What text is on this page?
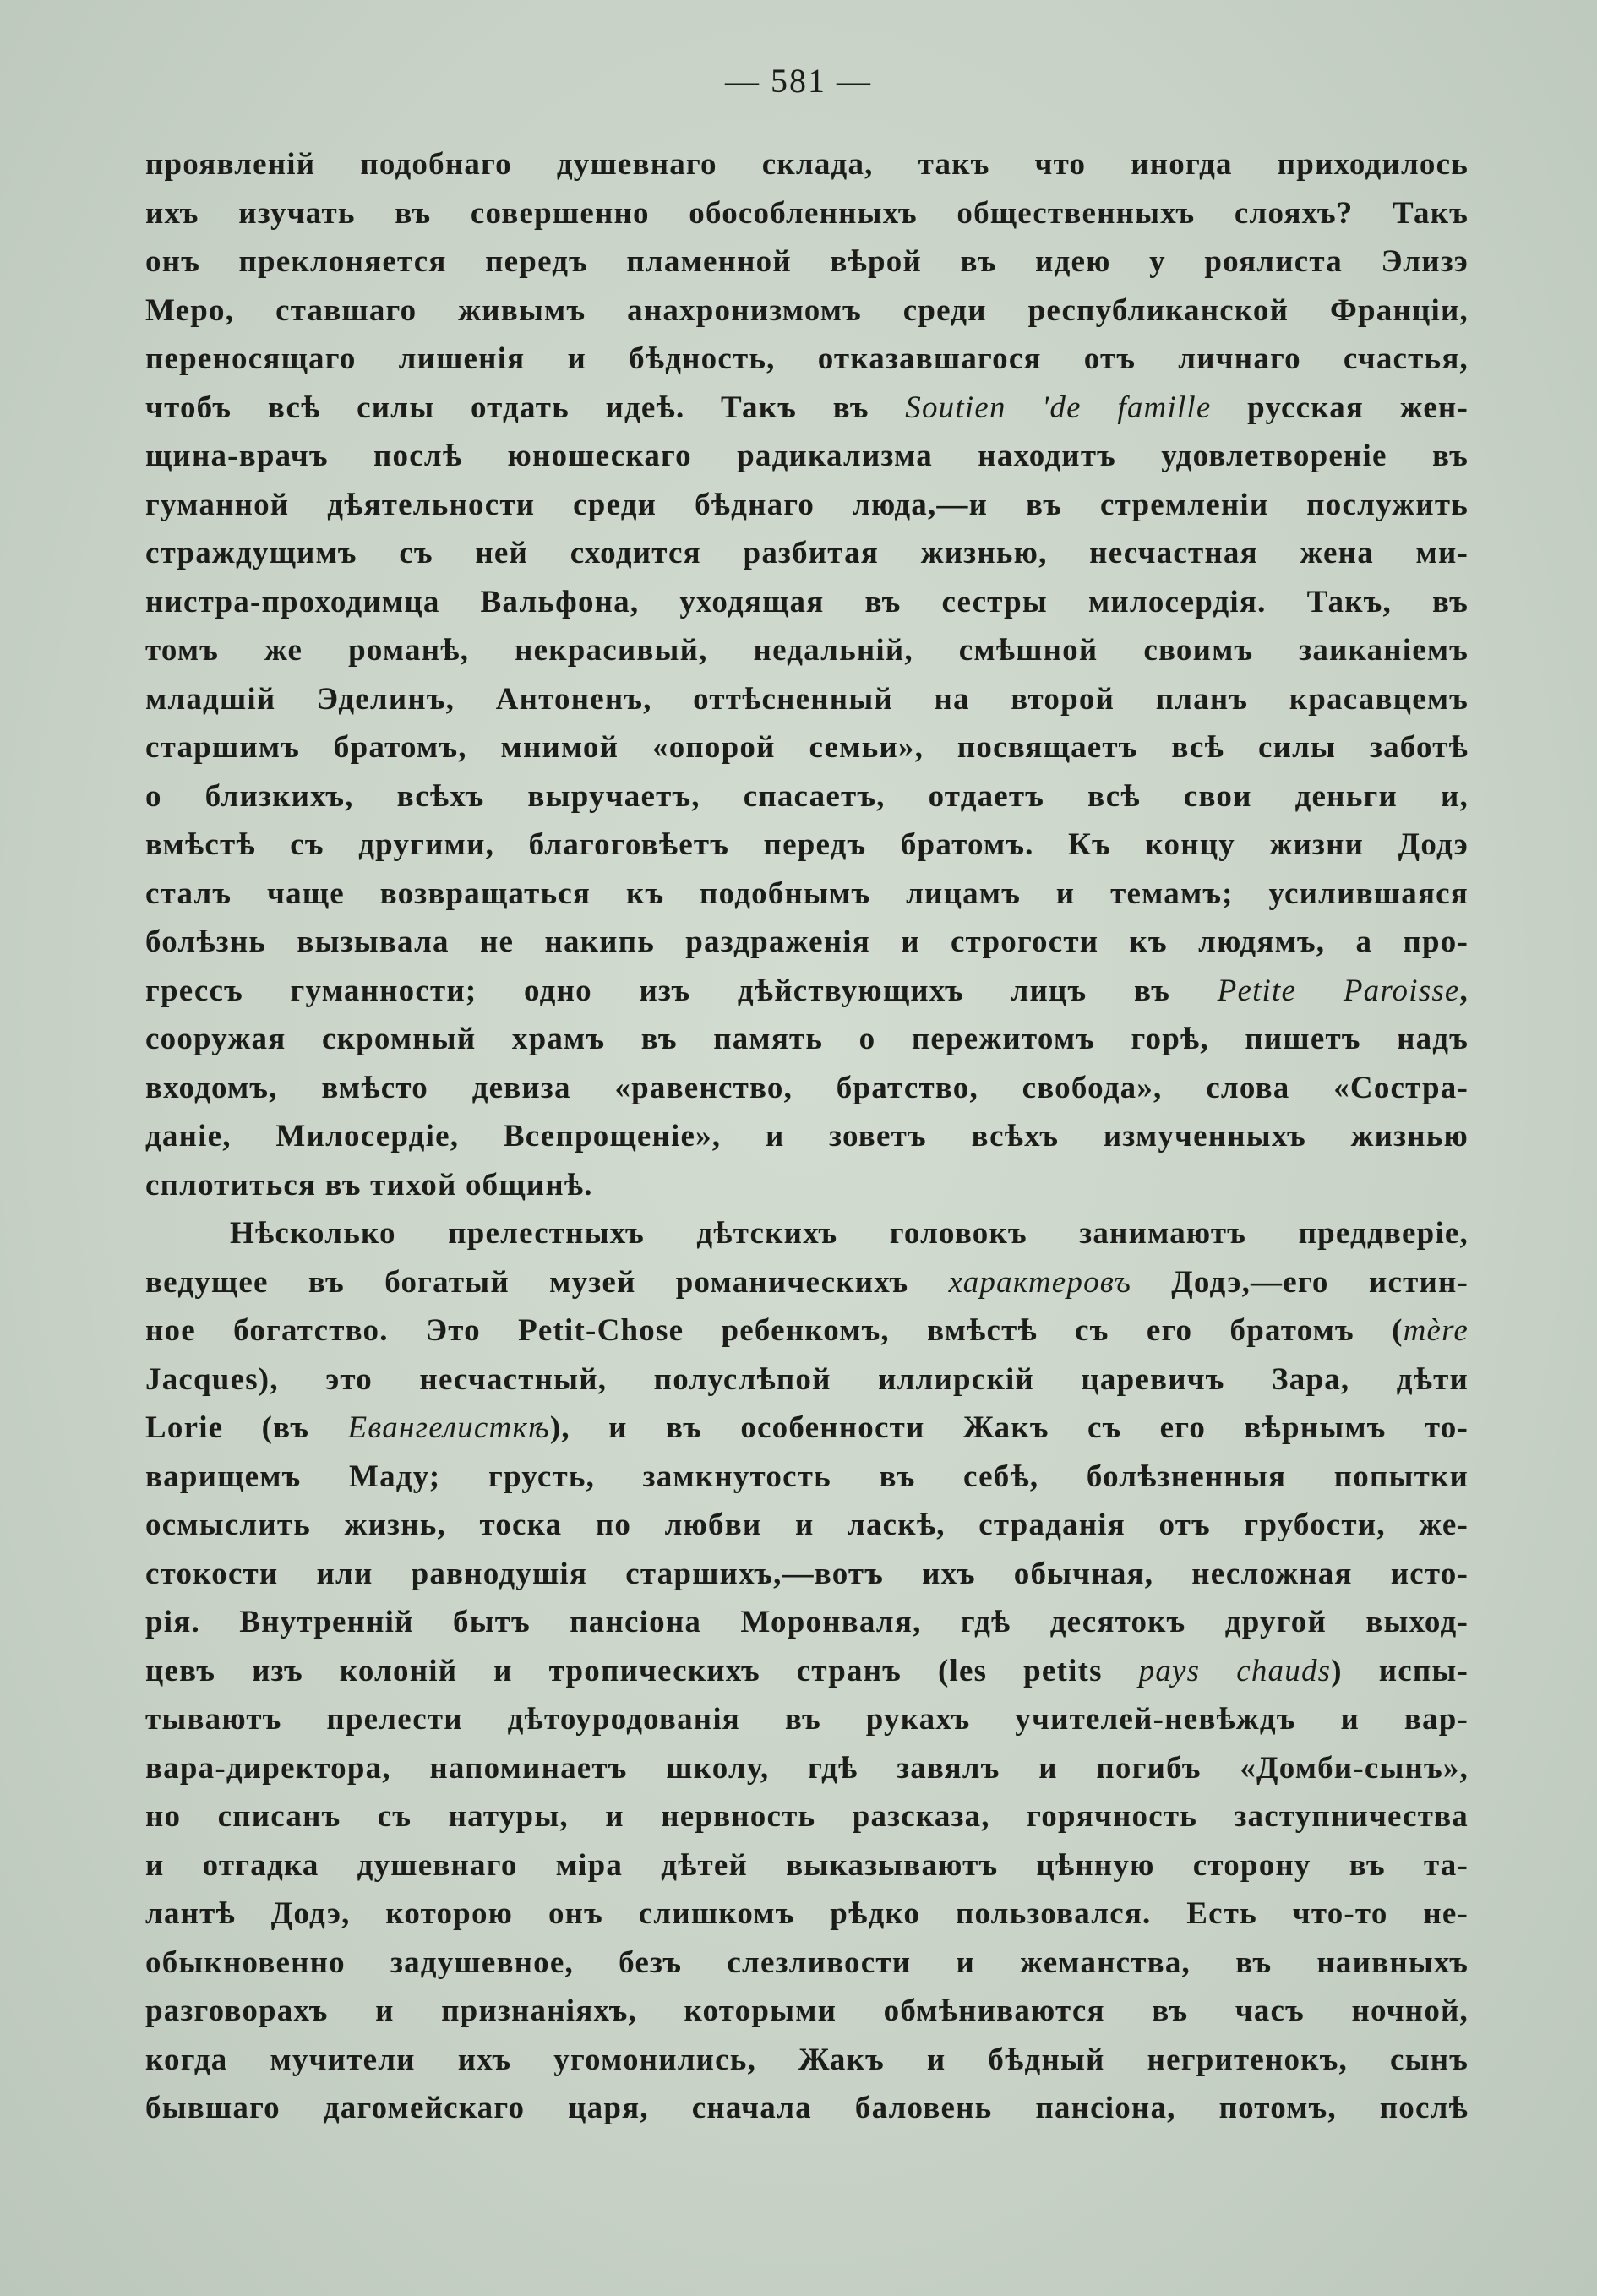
— 581 —
проявленій подобнаго душевнаго склада, такъ что иногда приходилось
ихъ изучать въ совершенно обособленныхъ общественныхъ слояхъ? Такъ
онъ преклоняется передъ пламенной вѣрой въ идею у роялиста Элизэ
Меро, ставшаго живымъ анахронизмомъ среди республиканской Франціи,
переносящаго лишенія и бѣдность, отказавшагося отъ личнаго счастья,
чтобъ всѣ силы отдать идеѣ. Такъ въ Soutien 'de famille русская жен-
щина-врачъ послѣ юношескаго радикализма находитъ удовлетвореніе въ
гуманной дѣятельности среди бѣднаго люда,—и въ стремленіи послужить
страждущимъ съ ней сходится разбитая жизнью, несчастная жена ми-
нистра-проходимца Вальфона, уходящая въ сестры милосердія. Такъ, въ
томъ же романѣ, некрасивый, недальній, смѣшной своимъ заиканіемъ
младшій Эделинъ, Антоненъ, оттѣсненный на второй планъ красавцемъ
старшимъ братомъ, мнимой «опорой семьи», посвящаетъ всѣ силы заботѣ
о близкихъ, всѣхъ выручаетъ, спасаетъ, отдаетъ всѣ свои деньги и,
вмѣстѣ съ другими, благоговѣетъ передъ братомъ. Къ концу жизни Додэ
сталъ чаще возвращаться къ подобнымъ лицамъ и темамъ; усилившаяся
болѣзнь вызывала не накипь раздраженія и строгости къ людямъ, а про-
грессъ гуманности; одно изъ дѣйствующихъ лицъ въ Petite Paroisse,
сооружая скромный храмъ въ память о пережитомъ горѣ, пишетъ надъ
входомъ, вмѣсто девиза «равенство, братство, свобода», слова «Состра-
даніе, Милосердіе, Всепрощеніе», и зоветъ всѣхъ измученныхъ жизнью
сплотиться въ тихой общинѣ.
Нѣсколько прелестныхъ дѣтскихъ головокъ занимаютъ преддверіе,
ведущее въ богатый музей романическихъ характеровъ Додэ,—его истин-
ное богатство. Это Petit-Chose ребенкомъ, вмѣстѣ съ его братомъ (mère
Jacques), это несчастный, полуслѣпой иллирскій царевичъ Зара, дѣти
Lorie (въ Евангелисткѣ), и въ особенности Жакъ съ его вѣрнымъ то-
варищемъ Маду; грусть, замкнутость въ себѣ, болѣзненныя попытки
осмыслить жизнь, тоска по любви и ласкѣ, страданія отъ грубости, же-
стокости или равнодушія старшихъ,—вотъ ихъ обычная, несложная исто-
рія. Внутренній бытъ пансіона Моронваля, гдѣ десятокъ другой выход-
цевъ изъ колоній и тропическихъ странъ (les petits pays chauds) испы-
тываютъ прелести дѣтоуродованія въ рукахъ учителей-невѣждъ и вар-
вара-директора, напоминаетъ школу, гдѣ завялъ и погибъ «Домби-сынъ»,
но списанъ съ натуры, и нервность разсказа, горячность заступничества
и отгадка душевнаго міра дѣтей выказываютъ цѣнную сторону въ та-
лантѣ Додэ, которою онъ слишкомъ рѣдко пользовался. Есть что-то не-
обыкновенно задушевное, безъ слезливости и жеманства, въ наивныхъ
разговорахъ и признаніяхъ, которыми обмѣниваются въ часъ ночной,
когда мучители ихъ угомонились, Жакъ и бѣдный негритенокъ, сынъ
бывшаго дагомейскаго царя, сначала баловень пансіона, потомъ, послѣ
